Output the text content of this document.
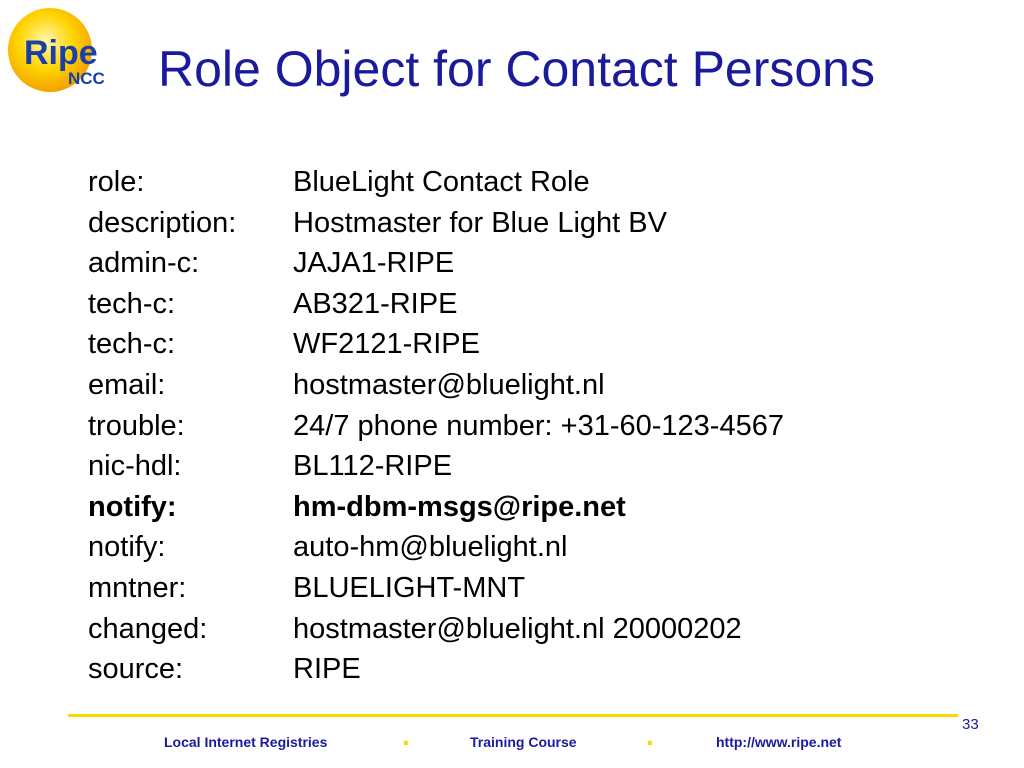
Ripe
NCC Role Object for Contact Persons
role:	BlueLight Contact Role
description: Hostmaster for Blue Light BV
admin-c:	JAJA1-RIPE
tech-c:	AB321-RIPE
tech-c:	WF2121-RIPE
email:	hostmaster@bluelight.nl
trouble:	24/7 phone number: +31-60-123-4567
nic-hdl:	BL112-RIPE
notify:	hm-dbm-msgs@ripe.net
notify:	auto-hm@bluelight.nl
mntner:	BLUELIGHT-MNT
changed:	hostmaster@bluelight.nl 20000202
source:	RIPE
33
Local Internet Registries	.	Training Course .	http://www.ripe.net
